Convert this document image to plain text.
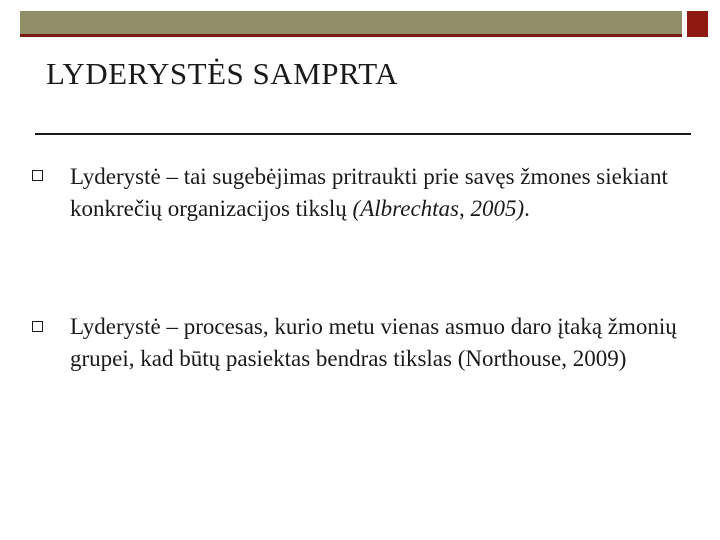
LYDERYSTĖS SAMPRTA
Lyderystė – tai sugebėjimas pritraukti prie savęs žmones siekiant konkrečių organizacijos tikslų (Albrechtas, 2005).
Lyderystė – procesas, kurio metu vienas asmuo daro įtaką žmonių grupei, kad būtų pasiektas bendras tikslas (Northouse, 2009)
